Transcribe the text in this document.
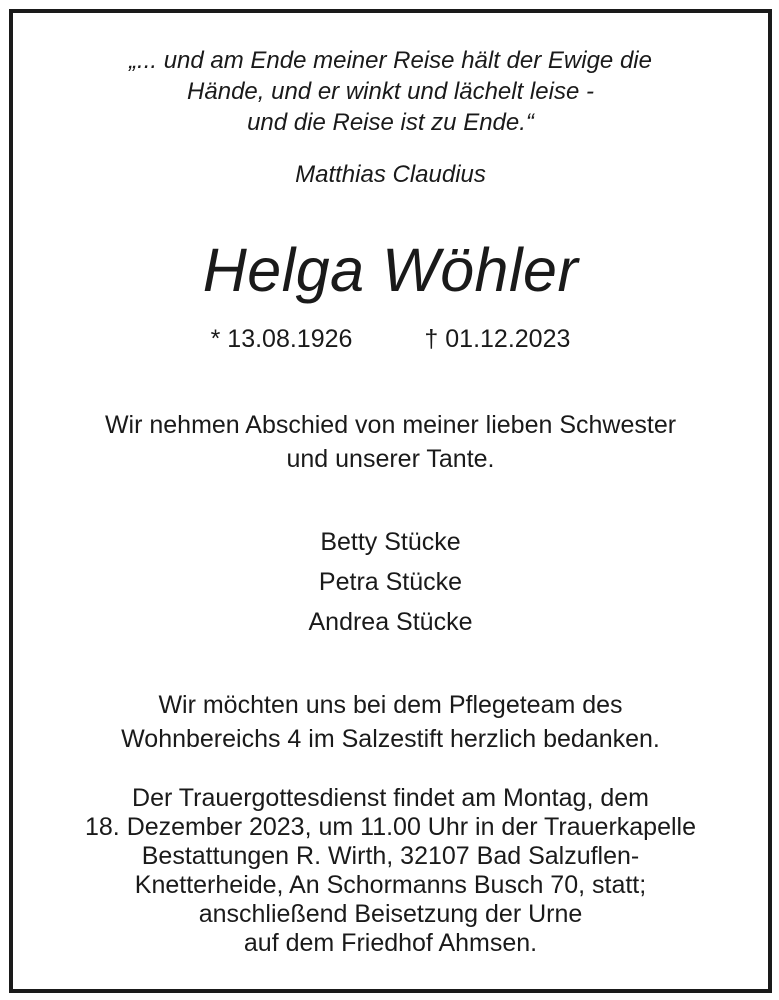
„... und am Ende meiner Reise hält der Ewige die
Hände, und er winkt und lächelt leise -
und die Reise ist zu Ende.“
Matthias Claudius
Helga Wöhler
* 13.08.1926	† 01.12.2023
Wir nehmen Abschied von meiner lieben Schwester
und unserer Tante.
Betty Stücke
Petra Stücke
Andrea Stücke
Wir möchten uns bei dem Pflegeteam des
Wohnbereichs 4 im Salzestift herzlich bedanken.
Der Trauergottesdienst findet am Montag, dem
18. Dezember 2023, um 11.00 Uhr in der Trauerkapelle
Bestattungen R. Wirth, 32107 Bad Salzuflen-
Knetterheide, An Schormanns Busch 70, statt;
anschließend Beisetzung der Urne
auf dem Friedhof Ahmsen.
